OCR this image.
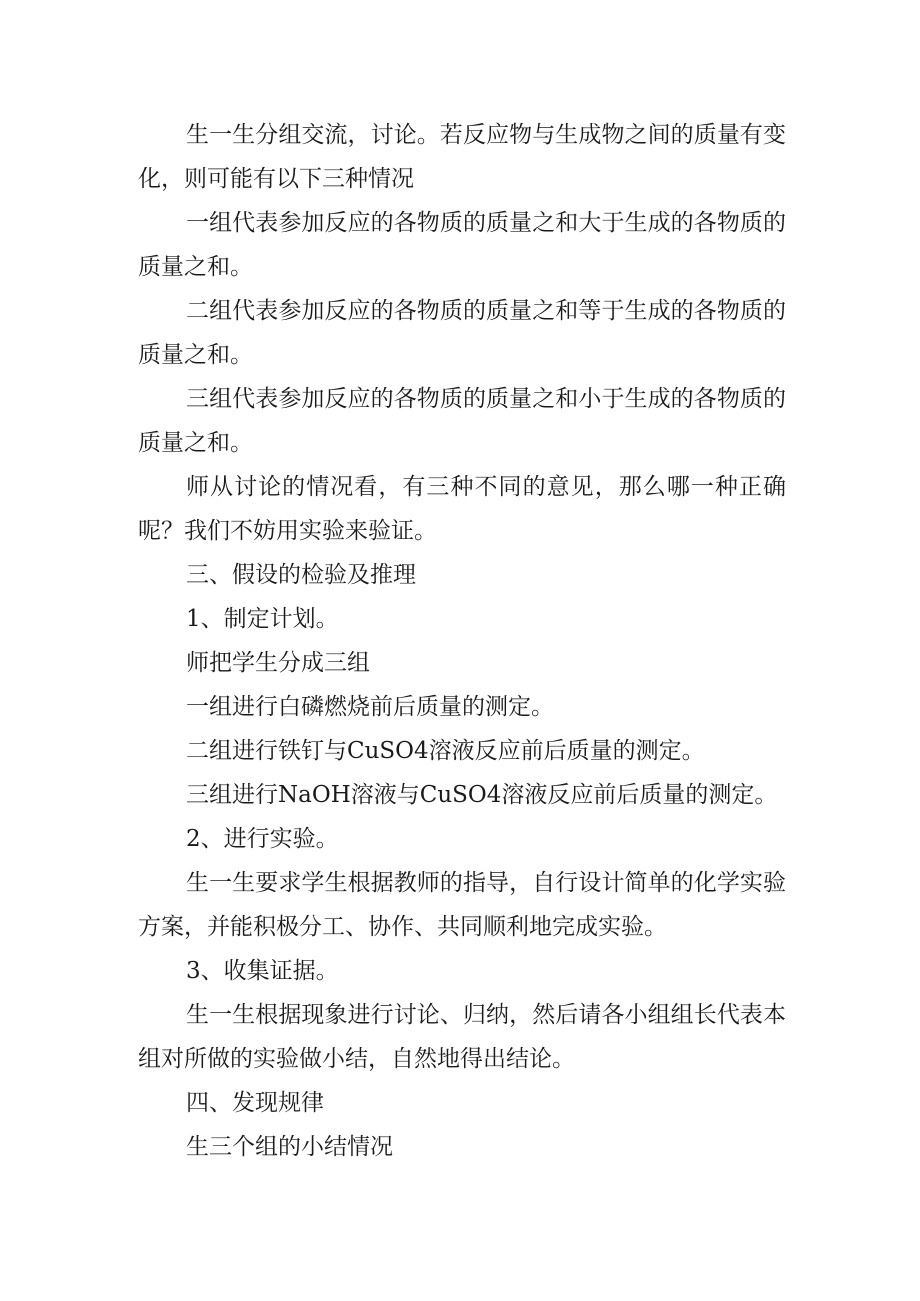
生一生分组交流，讨论。若反应物与生成物之间的质量有变化，则可能有以下三种情况

一组代表参加反应的各物质的质量之和大于生成的各物质的质量之和。

二组代表参加反应的各物质的质量之和等于生成的各物质的质量之和。

三组代表参加反应的各物质的质量之和小于生成的各物质的质量之和。

师从讨论的情况看，有三种不同的意见，那么哪一种正确呢？我们不妨用实验来验证。

三、假设的检验及推理

1、制定计划。

师把学生分成三组

一组进行白磷燃烧前后质量的测定。

二组进行铁钉与CuSO4溶液反应前后质量的测定。

三组进行NaOH溶液与CuSO4溶液反应前后质量的测定。

2、进行实验。

生一生要求学生根据教师的指导，自行设计简单的化学实验方案，并能积极分工、协作、共同顺利地完成实验。

3、收集证据。

生一生根据现象进行讨论、归纳，然后请各小组组长代表本组对所做的实验做小结，自然地得出结论。

四、发现规律

生三个组的小结情况
